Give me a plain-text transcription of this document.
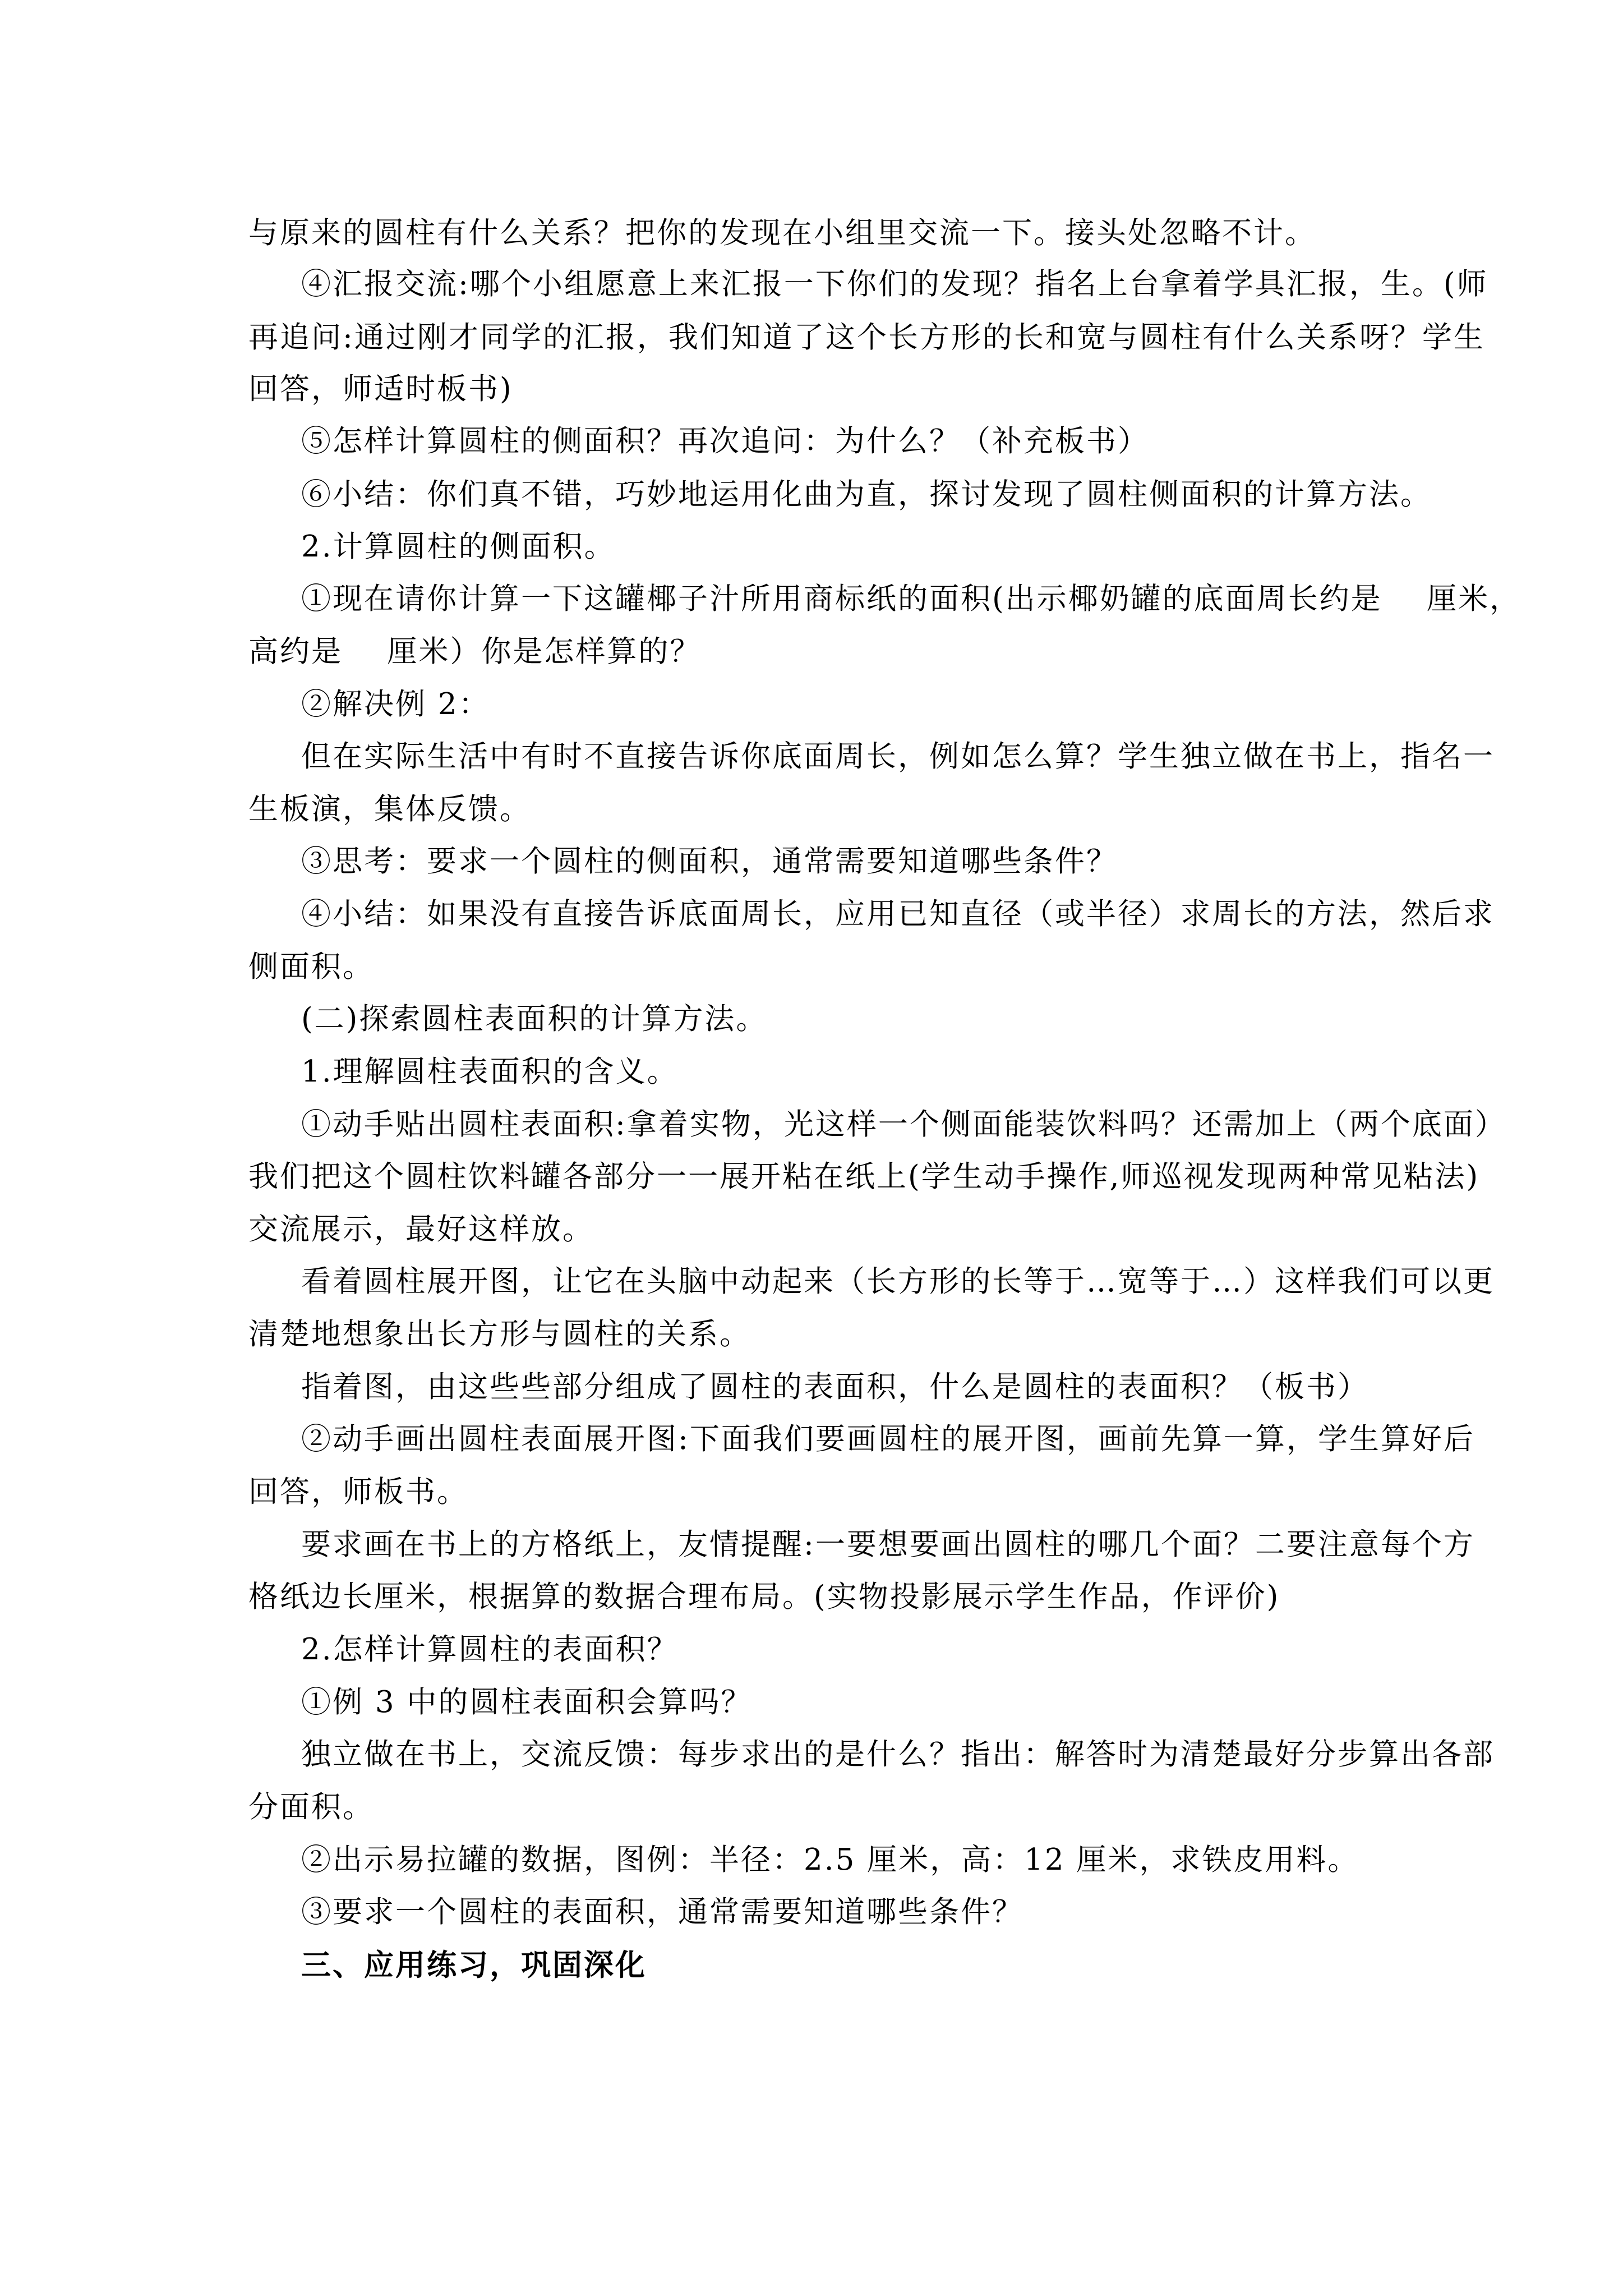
与原来的圆柱有什么关系？把你的发现在小组里交流一下。接头处忽略不计。
④汇报交流:哪个小组愿意上来汇报一下你们的发现？指名上台拿着学具汇报，生。(师
再追问:通过刚才同学的汇报，我们知道了这个长方形的长和宽与圆柱有什么关系呀？学生
回答，师适时板书)
⑤怎样计算圆柱的侧面积？再次追问：为什么？（补充板书）
⑥小结：你们真不错，巧妙地运用化曲为直，探讨发现了圆柱侧面积的计算方法。
2.计算圆柱的侧面积。
①现在请你计算一下这罐椰子汁所用商标纸的面积(出示椰奶罐的底面周长约是    厘米，
高约是    厘米）你是怎样算的？
②解决例 2：
但在实际生活中有时不直接告诉你底面周长，例如怎么算？学生独立做在书上，指名一
生板演，集体反馈。
③思考：要求一个圆柱的侧面积，通常需要知道哪些条件？
④小结：如果没有直接告诉底面周长，应用已知直径（或半径）求周长的方法，然后求
侧面积。
(二)探索圆柱表面积的计算方法。
1.理解圆柱表面积的含义。
①动手贴出圆柱表面积:拿着实物，光这样一个侧面能装饮料吗？还需加上（两个底面）
我们把这个圆柱饮料罐各部分一一展开粘在纸上(学生动手操作,师巡视发现两种常见粘法)
交流展示，最好这样放。
看着圆柱展开图，让它在头脑中动起来（长方形的长等于…宽等于…）这样我们可以更
清楚地想象出长方形与圆柱的关系。
指着图，由这些些部分组成了圆柱的表面积，什么是圆柱的表面积？（板书）
②动手画出圆柱表面展开图:下面我们要画圆柱的展开图，画前先算一算，学生算好后
回答，师板书。
要求画在书上的方格纸上，友情提醒:一要想要画出圆柱的哪几个面？二要注意每个方
格纸边长厘米，根据算的数据合理布局。(实物投影展示学生作品，作评价)
2.怎样计算圆柱的表面积？
①例 3 中的圆柱表面积会算吗？
独立做在书上，交流反馈：每步求出的是什么？指出：解答时为清楚最好分步算出各部
分面积。
②出示易拉罐的数据，图例：半径：2.5 厘米，高：12 厘米，求铁皮用料。
③要求一个圆柱的表面积，通常需要知道哪些条件？
三、应用练习，巩固深化
